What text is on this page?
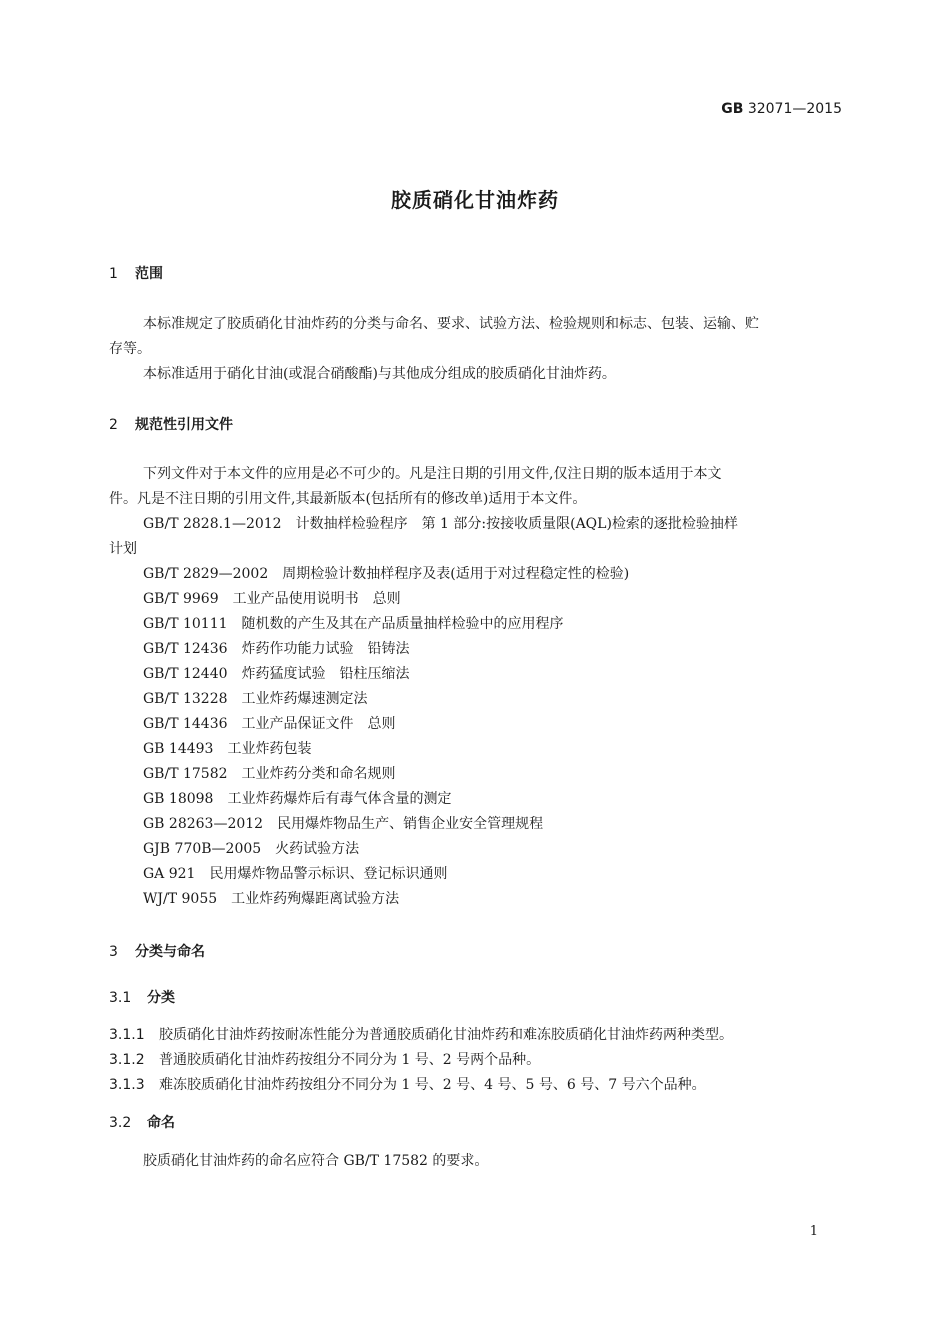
GB 32071—2015
胶质硝化甘油炸药
1 范围
本标准规定了胶质硝化甘油炸药的分类与命名、要求、试验方法、检验规则和标志、包装、运输、贮
存等。
本标准适用于硝化甘油(或混合硝酸酯)与其他成分组成的胶质硝化甘油炸药。
2 规范性引用文件
下列文件对于本文件的应用是必不可少的。凡是注日期的引用文件,仅注日期的版本适用于本文
件。凡是不注日期的引用文件,其最新版本(包括所有的修改单)适用于本文件。
GB/T 2828.1—2012　计数抽样检验程序　第 1 部分:按接收质量限(AQL)检索的逐批检验抽样
计划
GB/T 2829—2002　周期检验计数抽样程序及表(适用于对过程稳定性的检验)
GB/T 9969　工业产品使用说明书　总则
GB/T 10111　随机数的产生及其在产品质量抽样检验中的应用程序
GB/T 12436　炸药作功能力试验　铅铸法
GB/T 12440　炸药猛度试验　铅柱压缩法
GB/T 13228　工业炸药爆速测定法
GB/T 14436　工业产品保证文件　总则
GB 14493　工业炸药包装
GB/T 17582　工业炸药分类和命名规则
GB 18098　工业炸药爆炸后有毒气体含量的测定
GB 28263—2012　民用爆炸物品生产、销售企业安全管理规程
GJB 770B—2005　火药试验方法
GA 921　民用爆炸物品警示标识、登记标识通则
WJ/T 9055　工业炸药殉爆距离试验方法
3 分类与命名
3.1 分类
3.1.1 胶质硝化甘油炸药按耐冻性能分为普通胶质硝化甘油炸药和难冻胶质硝化甘油炸药两种类型。
3.1.2 普通胶质硝化甘油炸药按组分不同分为 1 号、2 号两个品种。
3.1.3 难冻胶质硝化甘油炸药按组分不同分为 1 号、2 号、4 号、5 号、6 号、7 号六个品种。
3.2 命名
胶质硝化甘油炸药的命名应符合 GB/T 17582 的要求。
1
